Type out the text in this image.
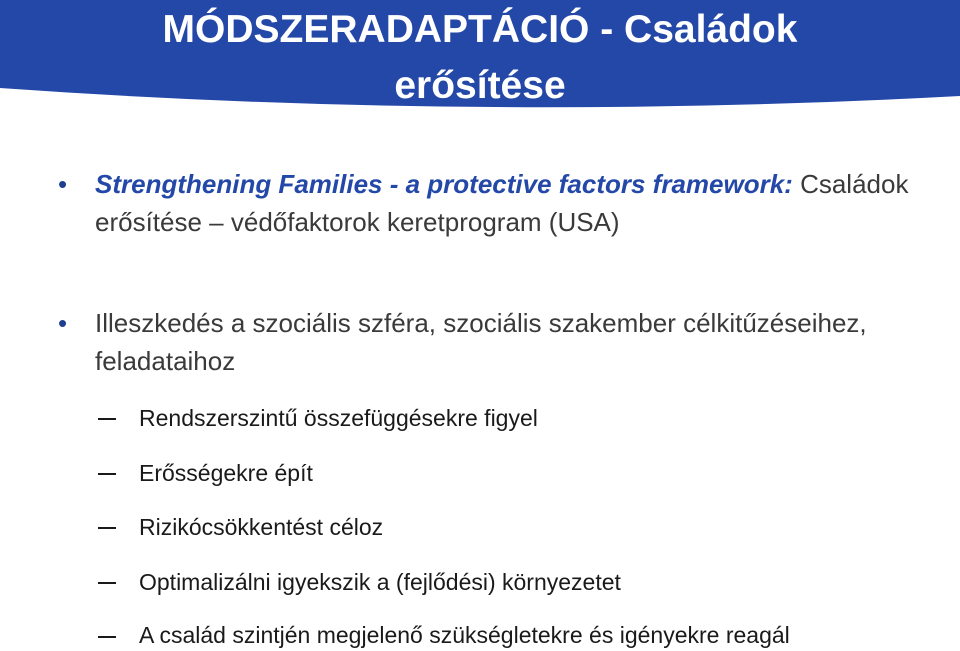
MÓDSZERADAPTÁCIÓ - Családok
erősítése
• Strengthening Families - a protective factors framework: Családok erősítése – védőfaktorok keretprogram (USA)

• Illeszkedés a szociális szféra, szociális szakember célkitűzéseihez, feladataihoz

Rendszerszintű összefüggésekre figyel
Erősségekre épít
Rizikócsökkentést céloz
Optimalizálni igyekszik a (fejlődési) környezetet
A család szintjén megjelenő szükségletekre és igényekre reagál
